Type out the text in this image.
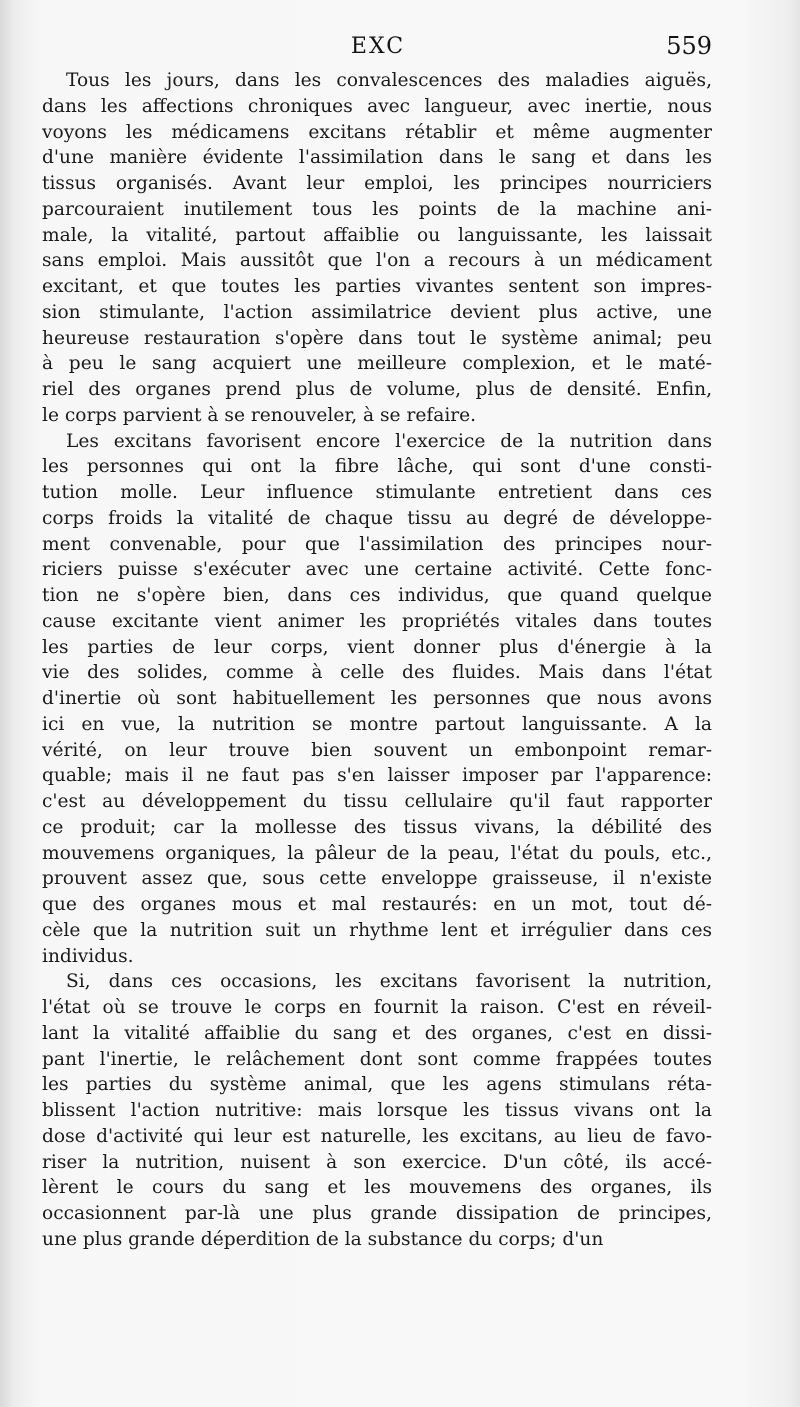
EXC	559
Tous les jours, dans les convalescences des maladies aiguës,
dans les affections chroniques avec langueur, avec inertie, nous
voyons les médicamens excitans rétablir et même augmenter
d'une manière évidente l'assimilation dans le sang et dans les
tissus organisés. Avant leur emploi, les principes nourriciers
parcouraient inutilement tous les points de la machine ani-
male, la vitalité, partout affaiblie ou languissante, les laissait
sans emploi. Mais aussitôt que l'on a recours à un médicament
excitant, et que toutes les parties vivantes sentent son impres-
sion stimulante, l'action assimilatrice devient plus active, une
heureuse restauration s'opère dans tout le système animal; peu
à peu le sang acquiert une meilleure complexion, et le maté-
riel des organes prend plus de volume, plus de densité. Enfin,
le corps parvient à se renouveler, à se refaire.
Les excitans favorisent encore l'exercice de la nutrition dans
les personnes qui ont la fibre lâche, qui sont d'une consti-
tution molle. Leur influence stimulante entretient dans ces
corps froids la vitalité de chaque tissu au degré de développe-
ment convenable, pour que l'assimilation des principes nour-
riciers puisse s'exécuter avec une certaine activité. Cette fonc-
tion ne s'opère bien, dans ces individus, que quand quelque
cause excitante vient animer les propriétés vitales dans toutes
les parties de leur corps, vient donner plus d'énergie à la
vie des solides, comme à celle des fluides. Mais dans l'état
d'inertie où sont habituellement les personnes que nous avons
ici en vue, la nutrition se montre partout languissante. A la
vérité, on leur trouve bien souvent un embonpoint remar-
quable; mais il ne faut pas s'en laisser imposer par l'apparence:
c'est au développement du tissu cellulaire qu'il faut rapporter
ce produit; car la mollesse des tissus vivans, la débilité des
mouvemens organiques, la pâleur de la peau, l'état du pouls, etc.,
prouvent assez que, sous cette enveloppe graisseuse, il n'existe
que des organes mous et mal restaurés: en un mot, tout dé-
cèle que la nutrition suit un rhythme lent et irrégulier dans ces
individus.
Si, dans ces occasions, les excitans favorisent la nutrition,
l'état où se trouve le corps en fournit la raison. C'est en réveil-
lant la vitalité affaiblie du sang et des organes, c'est en dissi-
pant l'inertie, le relâchement dont sont comme frappées toutes
les parties du système animal, que les agens stimulans réta-
blissent l'action nutritive: mais lorsque les tissus vivans ont la
dose d'activité qui leur est naturelle, les excitans, au lieu de favo-
riser la nutrition, nuisent à son exercice. D'un côté, ils accé-
lèrent le cours du sang et les mouvemens des organes, ils
occasionnent par-là une plus grande dissipation de principes,
une plus grande déperdition de la substance du corps; d'un
